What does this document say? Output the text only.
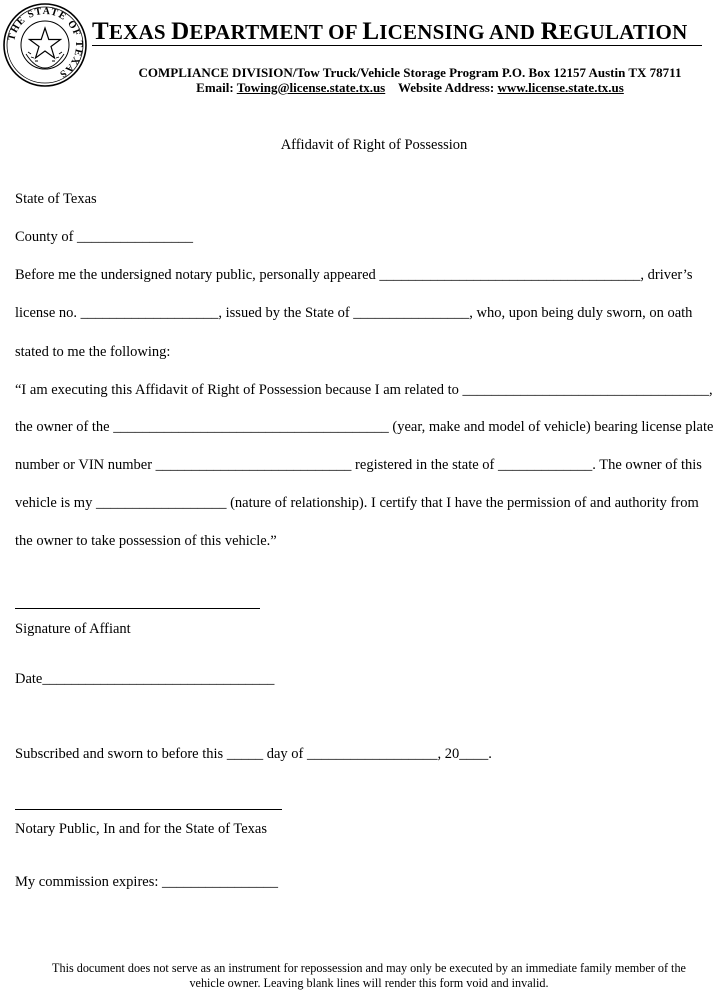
THE STATE OF TEXAS
TEXAS DEPARTMENT OF LICENSING AND REGULATION
COMPLIANCE DIVISION/Tow Truck/Vehicle Storage Program P.O. Box 12157 Austin TX 78711
Email: Towing@license.state.tx.us Website Address: www.license.state.tx.us
Affidavit of Right of Possession
State of Texas
County of ________________
Before me the undersigned notary public, personally appeared ____________________________________, driver’s
license no. ___________________, issued by the State of ________________, who, upon being duly sworn, on oath
stated to me the following:
“I am executing this Affidavit of Right of Possession because I am related to __________________________________,
the owner of the ______________________________________ (year, make and model of vehicle) bearing license plate
number or VIN number ___________________________ registered in the state of _____________. The owner of this
vehicle is my __________________ (nature of relationship). I certify that I have the permission of and authority from
the owner to take possession of this vehicle.”
Signature of Affiant
Date________________________________
Subscribed and sworn to before this _____ day of __________________, 20____.
Notary Public, In and for the State of Texas
My commission expires: ________________
This document does not serve as an instrument for repossession and may only be executed by an immediate family member of the
vehicle owner. Leaving blank lines will render this form void and invalid.
